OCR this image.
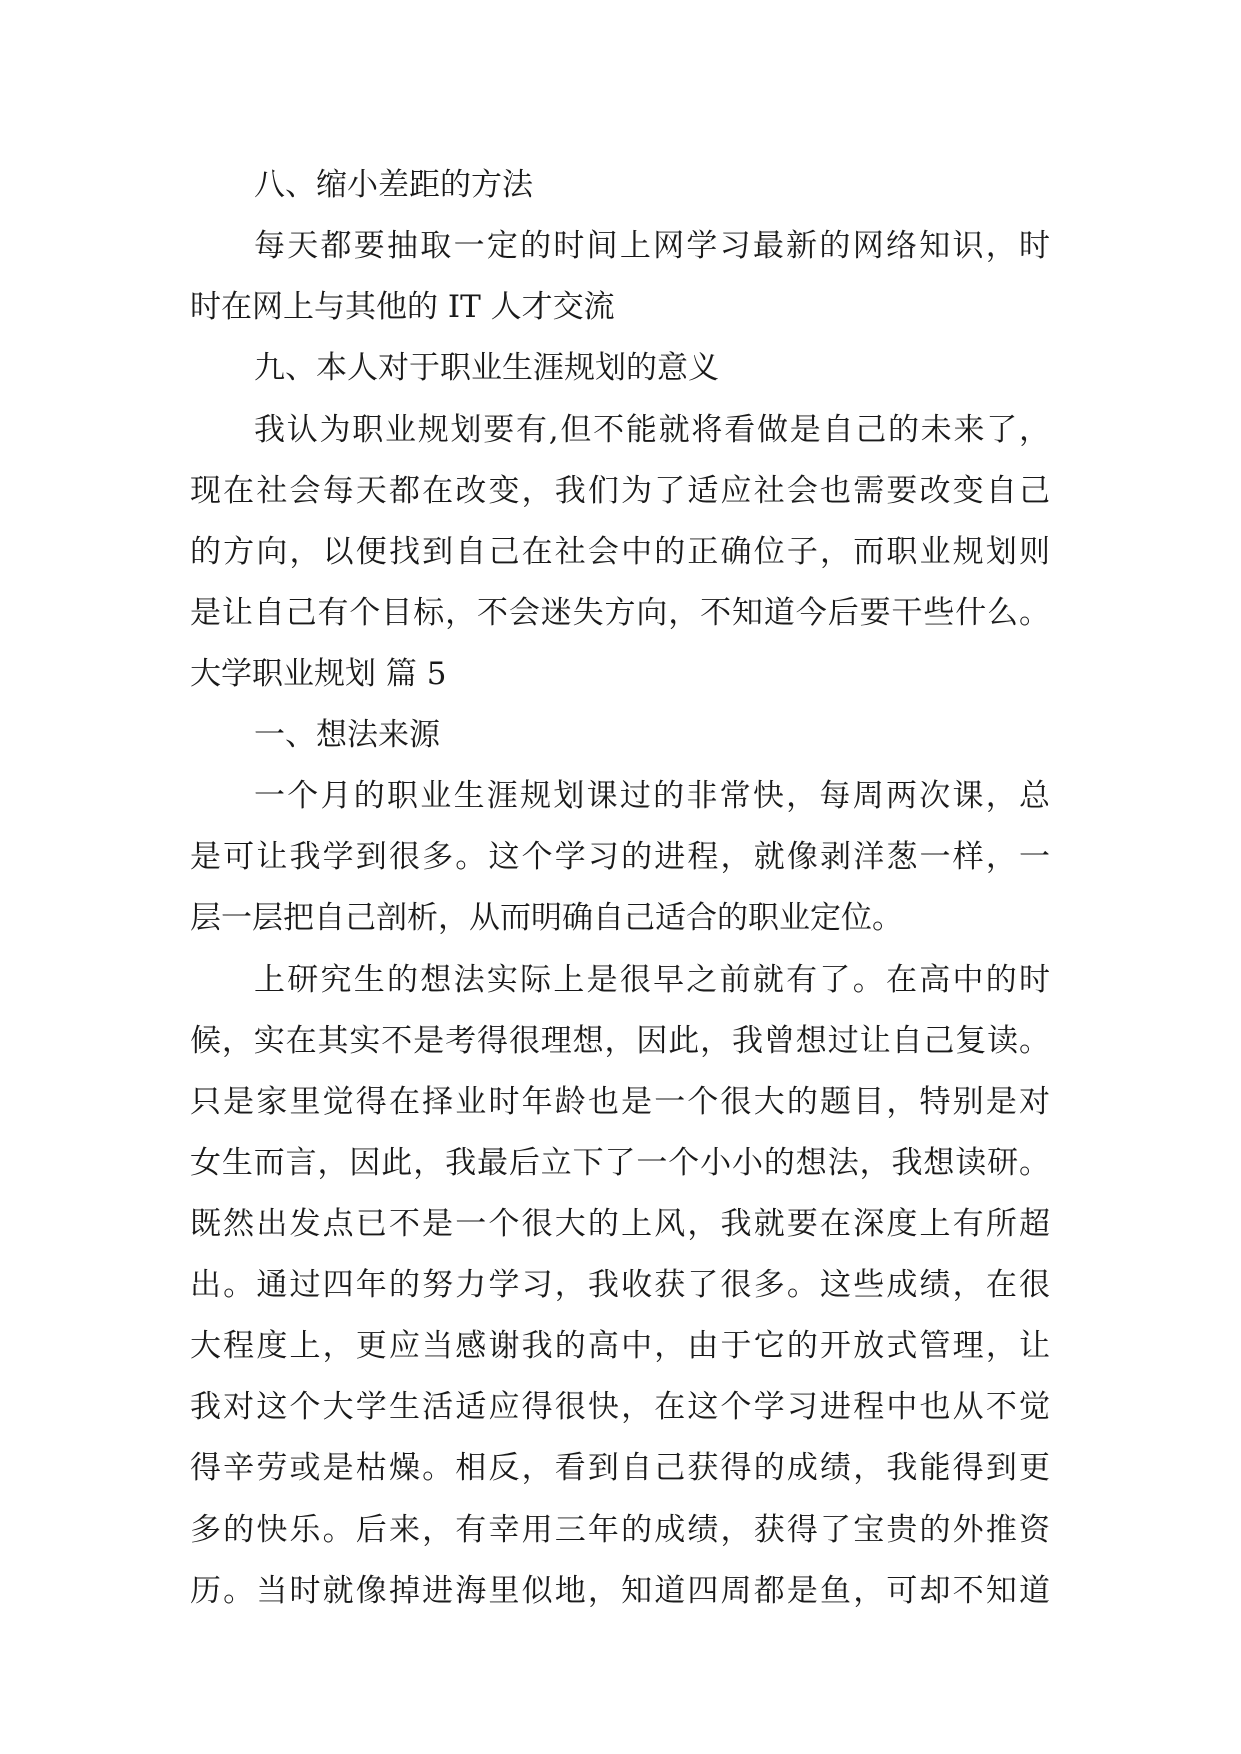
八、缩小差距的方法

每天都要抽取一定的时间上网学习最新的网络知识，时

时在网上与其他的 IT 人才交流

九、本人对于职业生涯规划的意义

我认为职业规划要有,但不能就将看做是自己的未来了，

现在社会每天都在改变，我们为了适应社会也需要改变自己

的方向，以便找到自己在社会中的正确位子，而职业规划则

是让自己有个目标，不会迷失方向，不知道今后要干些什么。

大学职业规划 篇 5

一、想法来源

一个月的职业生涯规划课过的非常快，每周两次课，总

是可让我学到很多。这个学习的进程，就像剥洋葱一样，一

层一层把自己剖析，从而明确自己适合的职业定位。

上研究生的想法实际上是很早之前就有了。在高中的时

候，实在其实不是考得很理想，因此，我曾想过让自己复读。

只是家里觉得在择业时年龄也是一个很大的题目，特别是对

女生而言，因此，我最后立下了一个小小的想法，我想读研。

既然出发点已不是一个很大的上风，我就要在深度上有所超

出。通过四年的努力学习，我收获了很多。这些成绩，在很

大程度上，更应当感谢我的高中，由于它的开放式管理，让

我对这个大学生活适应得很快，在这个学习进程中也从不觉

得辛劳或是枯燥。相反，看到自己获得的成绩，我能得到更

多的快乐。后来，有幸用三年的成绩，获得了宝贵的外推资

历。当时就像掉进海里似地，知道四周都是鱼，可却不知道
